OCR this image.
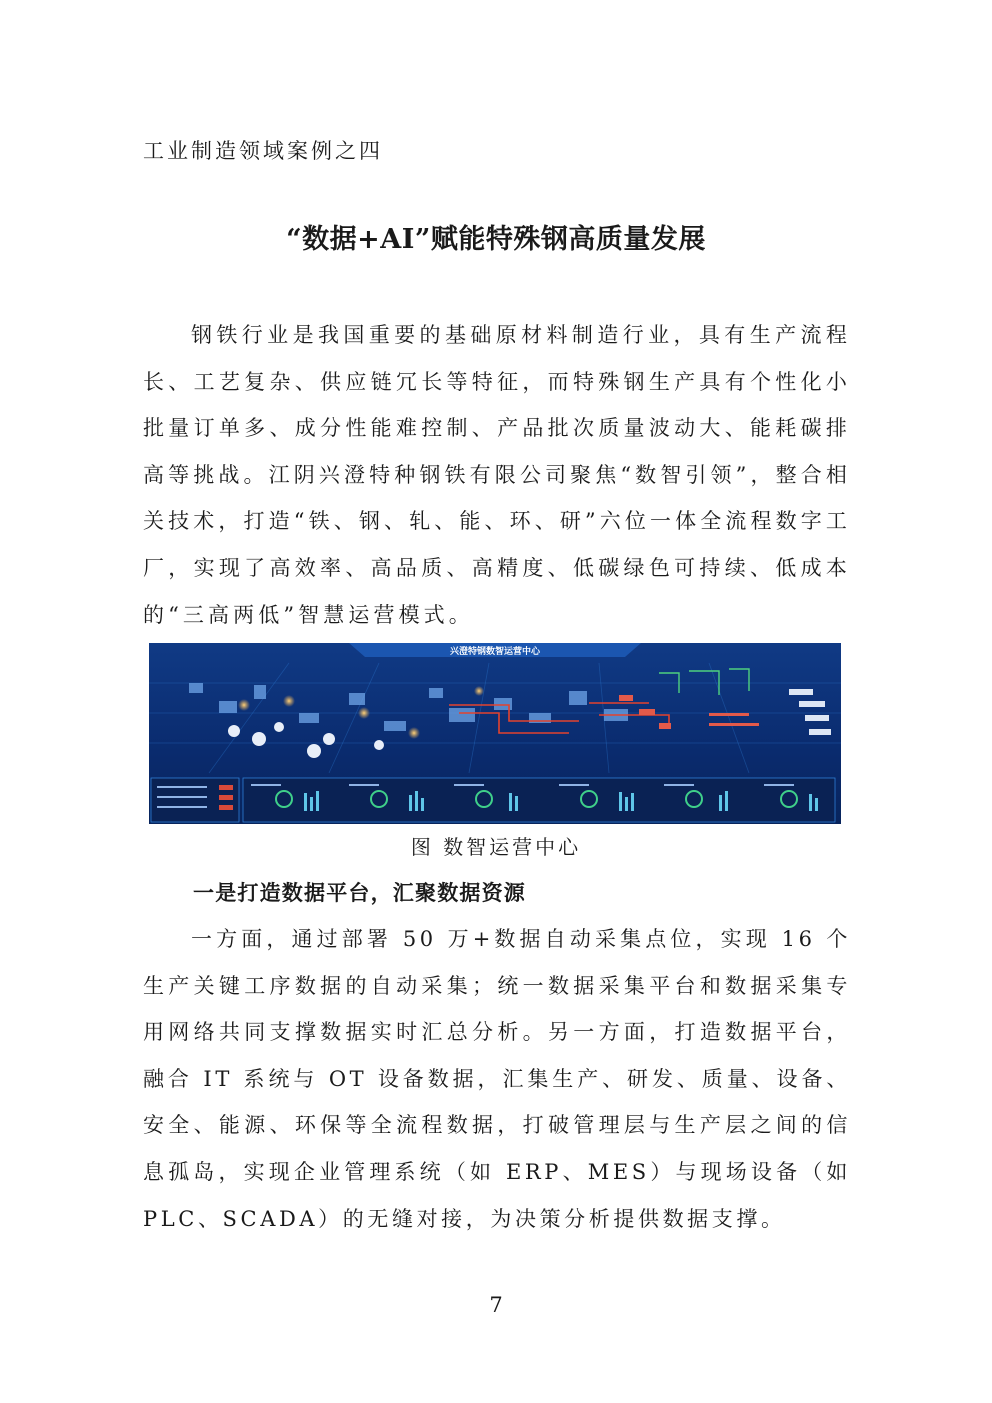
工业制造领域案例之四
“数据+AI”赋能特殊钢高质量发展

钢铁行业是我国重要的基础原材料制造行业，具有生产流程长、工艺复杂、供应链冗长等特征，而特殊钢生产具有个性化小批量订单多、成分性能难控制、产品批次质量波动大、能耗碳排高等挑战。江阴兴澄特种钢铁有限公司聚焦“数智引领”，整合相关技术，打造“铁、钢、轧、能、环、研”六位一体全流程数字工厂，实现了高效率、高品质、高精度、低碳绿色可持续、低成本的“三高两低”智慧运营模式。

兴澄特钢数智运营中心
图 数智运营中心
一是打造数据平台，汇聚数据资源

一方面，通过部署 50 万+数据自动采集点位，实现 16 个生产关键工序数据的自动采集；统一数据采集平台和数据采集专用网络共同支撑数据实时汇总分析。另一方面，打造数据平台，融合 IT 系统与 OT 设备数据，汇集生产、研发、质量、设备、安全、能源、环保等全流程数据，打破管理层与生产层之间的信息孤岛，实现企业管理系统（如 ERP、MES）与现场设备（如 PLC、SCADA）的无缝对接，为决策分析提供数据支撑。

7
